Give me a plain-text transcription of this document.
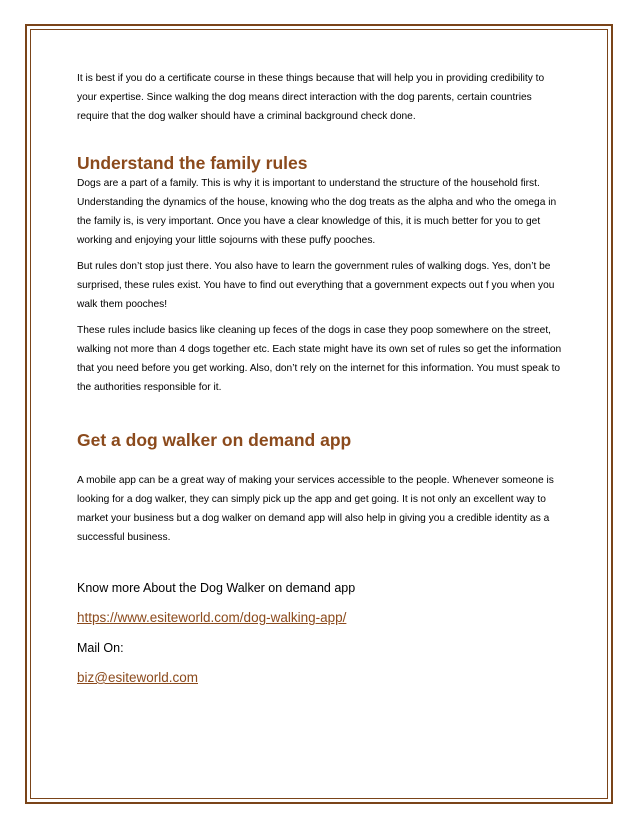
It is best if you do a certificate course in these things because that will help you in providing credibility to your expertise. Since walking the dog means direct interaction with the dog parents, certain countries require that the dog walker should have a criminal background check done.

Understand the family rules

Dogs are a part of a family. This is why it is important to understand the structure of the household first. Understanding the dynamics of the house, knowing who the dog treats as the alpha and who the omega in the family is, is very important. Once you have a clear knowledge of this, it is much better for you to get working and enjoying your little sojourns with these puffy pooches.

But rules don’t stop just there. You also have to learn the government rules of walking dogs. Yes, don’t be surprised, these rules exist. You have to find out everything that a government expects out f you when you walk them pooches!

These rules include basics like cleaning up feces of the dogs in case they poop somewhere on the street, walking not more than 4 dogs together etc. Each state might have its own set of rules so get the information that you need before you get working. Also, don’t rely on the internet for this information. You must speak to the authorities responsible for it.

Get a dog walker on demand app

A mobile app can be a great way of making your services accessible to the people. Whenever someone is looking for a dog walker, they can simply pick up the app and get going. It is not only an excellent way to market your business but a dog walker on demand app will also help in giving you a credible identity as a successful business.

Know more About the Dog Walker on demand app

https://www.esiteworld.com/dog-walking-app/

Mail On:

biz@esiteworld.com
